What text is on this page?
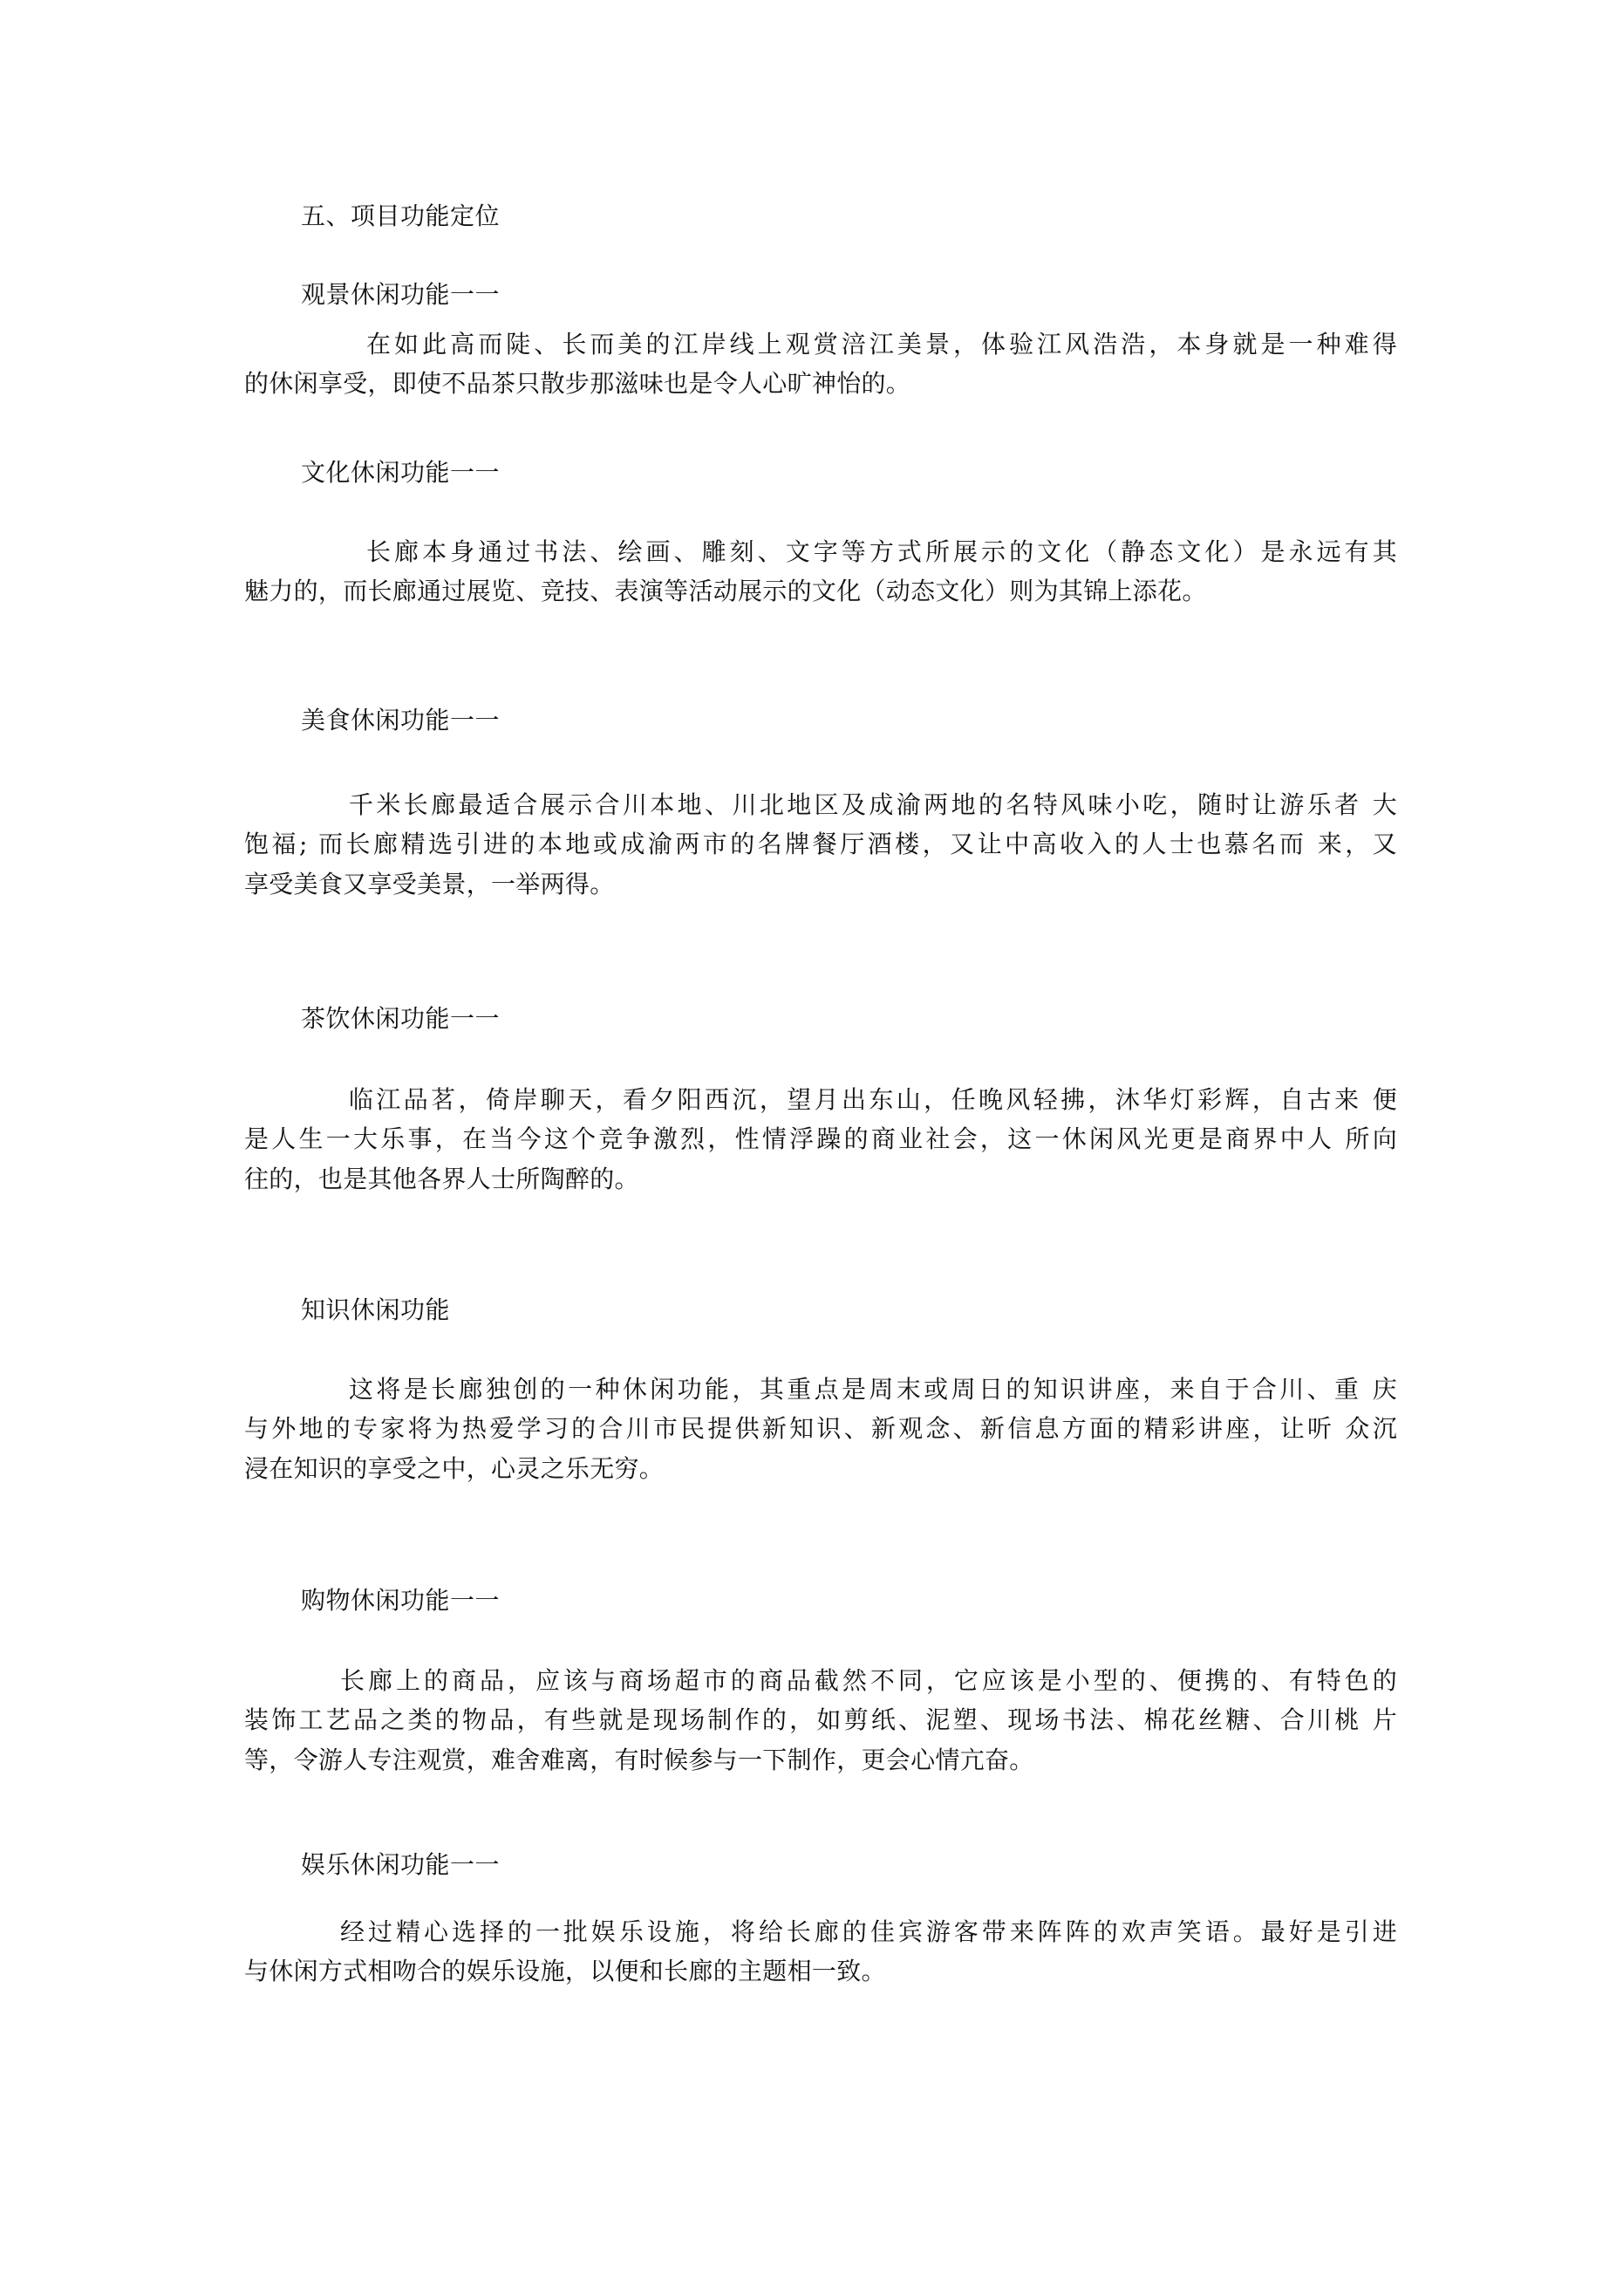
五、项目功能定位
观景休闲功能一一
在如此高而陡、长而美的江岸线上观赏涪江美景，体验江风浩浩，本身就是一种难得
的休闲享受，即使不品茶只散步那滋味也是令人心旷神怡的。
文化休闲功能一一
长廊本身通过书法、绘画、雕刻、文字等方式所展示的文化（静态文化）是永远有其
魅力的，而长廊通过展览、竞技、表演等活动展示的文化（动态文化）则为其锦上添花。
美食休闲功能一一
千米长廊最适合展示合川本地、川北地区及成渝两地的名特风味小吃，随时让游乐者 大
饱福; 而长廊精选引进的本地或成渝两市的名牌餐厅酒楼，又让中高收入的人士也慕名而 来，又
享受美食又享受美景，一举两得。
茶饮休闲功能一一
临江品茗，倚岸聊天，看夕阳西沉，望月出东山，任晚风轻拂，沐华灯彩辉，自古来 便
是人生一大乐事，在当今这个竞争激烈，性情浮躁的商业社会，这一休闲风光更是商界中人 所向
往的，也是其他各界人士所陶醉的。
知识休闲功能
这将是长廊独创的一种休闲功能，其重点是周末或周日的知识讲座，来自于合川、重 庆
与外地的专家将为热爱学习的合川市民提供新知识、新观念、新信息方面的精彩讲座，让听 众沉
浸在知识的享受之中，心灵之乐无穷。
购物休闲功能一一
长廊上的商品，应该与商场超市的商品截然不同，它应该是小型的、便携的、有特色的
装饰工艺品之类的物品，有些就是现场制作的，如剪纸、泥塑、现场书法、棉花丝糖、合川桃 片
等，令游人专注观赏，难舍难离，有时候参与一下制作，更会心情亢奋。
娱乐休闲功能一一
经过精心选择的一批娱乐设施，将给长廊的佳宾游客带来阵阵的欢声笑语。最好是引进
与休闲方式相吻合的娱乐设施，以便和长廊的主题相一致。
